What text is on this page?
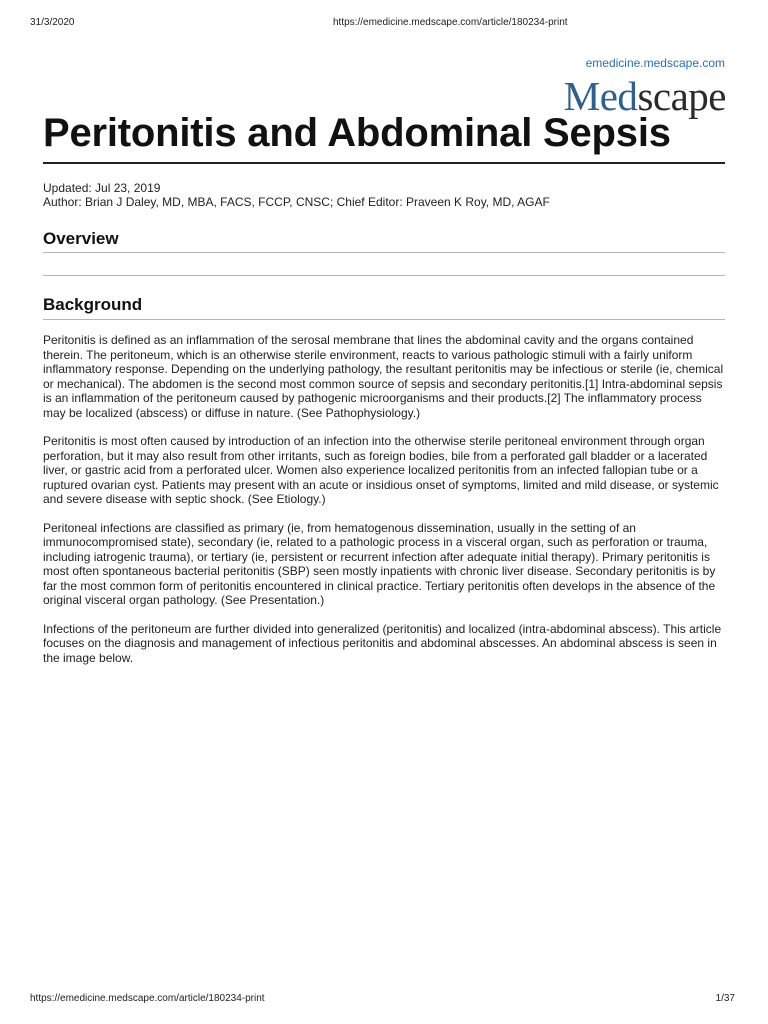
31/3/2020	https://emedicine.medscape.com/article/180234-print
emedicine.medscape.com
Medscape
Peritonitis and Abdominal Sepsis
Updated: Jul 23, 2019
Author: Brian J Daley, MD, MBA, FACS, FCCP, CNSC; Chief Editor: Praveen K Roy, MD, AGAF
Overview
Background

Peritonitis is defined as an inflammation of the serosal membrane that lines the abdominal cavity and the organs contained therein. The peritoneum, which is an otherwise sterile environment, reacts to various pathologic stimuli with a fairly uniform inflammatory response. Depending on the underlying pathology, the resultant peritonitis may be infectious or sterile (ie, chemical or mechanical). The abdomen is the second most common source of sepsis and secondary peritonitis.[1] Intra-abdominal sepsis is an inflammation of the peritoneum caused by pathogenic microorganisms and their products.[2] The inflammatory process may be localized (abscess) or diffuse in nature. (See Pathophysiology.)

Peritonitis is most often caused by introduction of an infection into the otherwise sterile peritoneal environment through organ perforation, but it may also result from other irritants, such as foreign bodies, bile from a perforated gall bladder or a lacerated liver, or gastric acid from a perforated ulcer. Women also experience localized peritonitis from an infected fallopian tube or a ruptured ovarian cyst. Patients may present with an acute or insidious onset of symptoms, limited and mild disease, or systemic and severe disease with septic shock. (See Etiology.)

Peritoneal infections are classified as primary (ie, from hematogenous dissemination, usually in the setting of an immunocompromised state), secondary (ie, related to a pathologic process in a visceral organ, such as perforation or trauma, including iatrogenic trauma), or tertiary (ie, persistent or recurrent infection after adequate initial therapy). Primary peritonitis is most often spontaneous bacterial peritonitis (SBP) seen mostly inpatients with chronic liver disease. Secondary peritonitis is by far the most common form of peritonitis encountered in clinical practice. Tertiary peritonitis often develops in the absence of the original visceral organ pathology. (See Presentation.)

Infections of the peritoneum are further divided into generalized (peritonitis) and localized (intra-abdominal abscess). This article focuses on the diagnosis and management of infectious peritonitis and abdominal abscesses. An abdominal abscess is seen in the image below.

https://emedicine.medscape.com/article/180234-print	1/37
